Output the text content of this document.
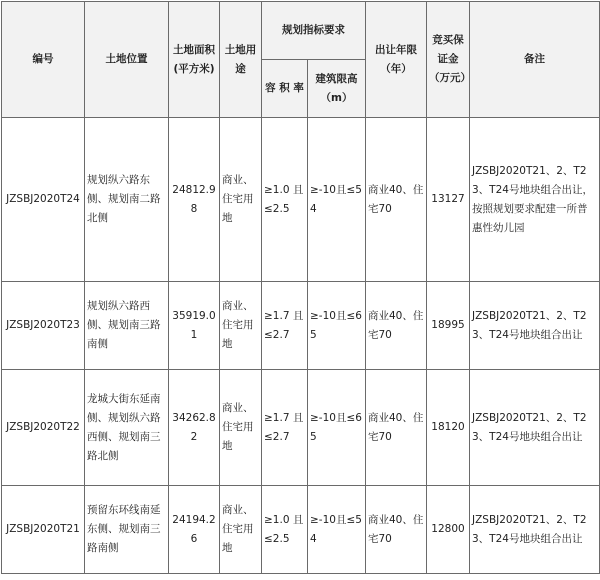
编号	土地位置	土地面积(平方米)	土地用途	规划指标要求		出让年限（年）	竞买保证金（万元）	备注
				容 积 率	建筑限高（m）			
JZSBJ2020T24	规划纵六路东侧、规划南二路北侧	24812.98	商业、住宅用地	≥1.0 且≤2.5	≥-10且≤54	商业40、住宅70	13127	JZSBJ2020T21、2、T23、T24号地块组合出让，按照规划要求配建一所普惠性幼儿园
JZSBJ2020T23	规划纵六路西侧、规划南三路南侧	35919.01	商业、住宅用地	≥1.7 且≤2.7	≥-10且≤65	商业40、住宅70	18995	JZSBJ2020T21、2、T23、T24号地块组合出让
JZSBJ2020T22	龙城大街东延南侧、规划纵六路西侧、规划南三路北侧	34262.82	商业、住宅用地	≥1.7 且≤2.7	≥-10且≤65	商业40、住宅70	18120	JZSBJ2020T21、2、T23、T24号地块组合出让
JZSBJ2020T21	预留东环线南延东侧、规划南三路南侧	24194.26	商业、住宅用地	≥1.0 且≤2.5	≥-10且≤54	商业40、住宅70	12800	JZSBJ2020T21、2、T23、T24号地块组合出让
